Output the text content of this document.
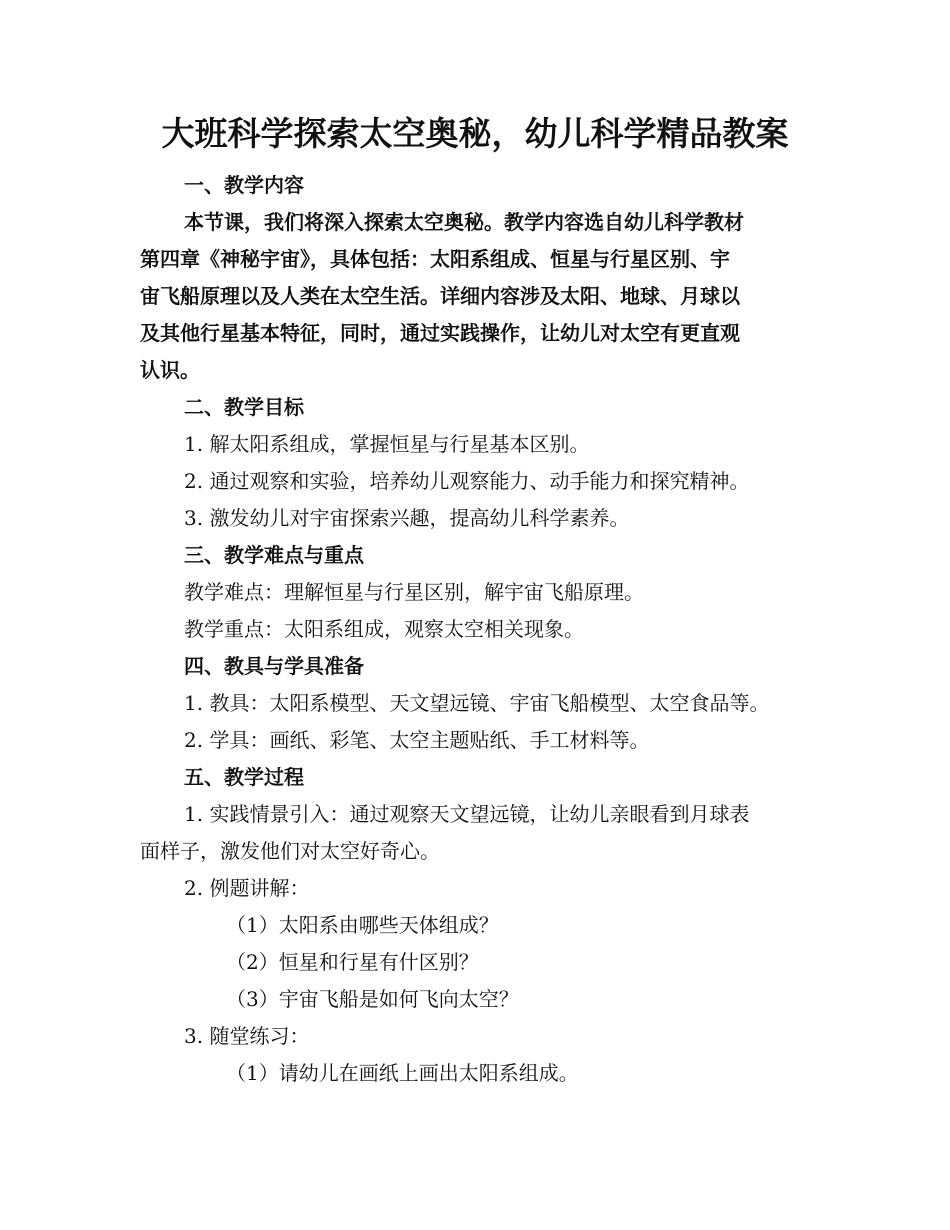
大班科学探索太空奥秘，幼儿科学精品教案
一、教学内容
本节课，我们将深入探索太空奥秘。教学内容选自幼儿科学教材
第四章《神秘宇宙》，具体包括：太阳系组成、恒星与行星区别、宇
宙飞船原理以及人类在太空生活。详细内容涉及太阳、地球、月球以
及其他行星基本特征，同时，通过实践操作，让幼儿对太空有更直观
认识。
二、教学目标
1. 解太阳系组成，掌握恒星与行星基本区别。
2. 通过观察和实验，培养幼儿观察能力、动手能力和探究精神。
3. 激发幼儿对宇宙探索兴趣，提高幼儿科学素养。
三、教学难点与重点
教学难点：理解恒星与行星区别，解宇宙飞船原理。
教学重点：太阳系组成，观察太空相关现象。
四、教具与学具准备
1. 教具：太阳系模型、天文望远镜、宇宙飞船模型、太空食品等。
2. 学具：画纸、彩笔、太空主题贴纸、手工材料等。
五、教学过程
1. 实践情景引入：通过观察天文望远镜，让幼儿亲眼看到月球表
面样子，激发他们对太空好奇心。
2. 例题讲解：
（1）太阳系由哪些天体组成？
（2）恒星和行星有什区别？
（3）宇宙飞船是如何飞向太空？
3. 随堂练习：
（1）请幼儿在画纸上画出太阳系组成。
